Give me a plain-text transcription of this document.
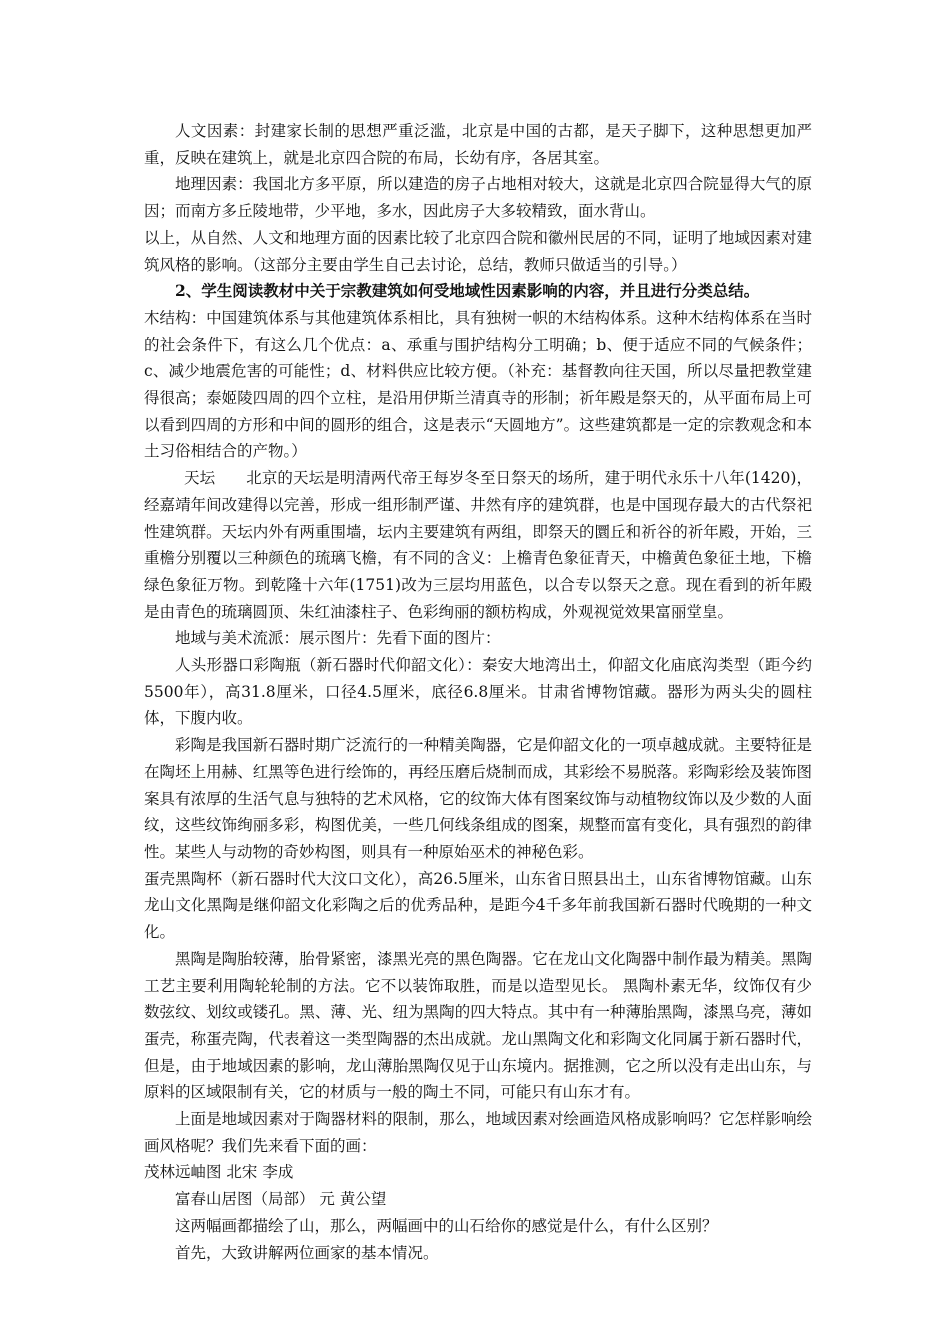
人文因素：封建家长制的思想严重泛滥，北京是中国的古都，是天子脚下，这种思想更加严重，反映在建筑上，就是北京四合院的布局，长幼有序，各居其室。

地理因素：我国北方多平原，所以建造的房子占地相对较大，这就是北京四合院显得大气的原因；而南方多丘陵地带，少平地，多水，因此房子大多较精致，面水背山。

以上，从自然、人文和地理方面的因素比较了北京四合院和徽州民居的不同，证明了地域因素对建筑风格的影响。（这部分主要由学生自己去讨论，总结，教师只做适当的引导。）

2、学生阅读教材中关于宗教建筑如何受地域性因素影响的内容，并且进行分类总结。

木结构：中国建筑体系与其他建筑体系相比，具有独树一帜的木结构体系。这种木结构体系在当时的社会条件下，有这么几个优点：a、承重与围护结构分工明确；b、便于适应不同的气候条件；c、减少地震危害的可能性；d、材料供应比较方便。（补充：基督教向往天国，所以尽量把教堂建得很高；泰姬陵四周的四个立柱，是沿用伊斯兰清真寺的形制；祈年殿是祭天的，从平面布局上可以看到四周的方形和中间的圆形的组合，这是表示“天圆地方”。这些建筑都是一定的宗教观念和本土习俗相结合的产物。）

天坛 北京的天坛是明清两代帝王每岁冬至日祭天的场所，建于明代永乐十八年(1420)，经嘉靖年间改建得以完善，形成一组形制严谨、井然有序的建筑群，也是中国现存最大的古代祭祀性建筑群。天坛内外有两重围墙，坛内主要建筑有两组，即祭天的圜丘和祈谷的祈年殿，开始，三重檐分别覆以三种颜色的琉璃飞檐，有不同的含义：上檐青色象征青天，中檐黄色象征土地，下檐绿色象征万物。到乾隆十六年(1751)改为三层均用蓝色，以合专以祭天之意。现在看到的祈年殿是由青色的琉璃圆顶、朱红油漆柱子、色彩绚丽的额枋构成，外观视觉效果富丽堂皇。

地域与美术流派：展示图片：先看下面的图片：

人头形器口彩陶瓶（新石器时代仰韶文化）：秦安大地湾出土，仰韶文化庙底沟类型（距今约5500年），高31.8厘米，口径4.5厘米，底径6.8厘米。甘肃省博物馆藏。器形为两头尖的圆柱体，下腹内收。

彩陶是我国新石器时期广泛流行的一种精美陶器，它是仰韶文化的一项卓越成就。主要特征是在陶坯上用赫、红黑等色进行绘饰的，再经压磨后烧制而成，其彩绘不易脱落。彩陶彩绘及装饰图案具有浓厚的生活气息与独特的艺术风格，它的纹饰大体有图案纹饰与动植物纹饰以及少数的人面纹，这些纹饰绚丽多彩，构图优美，一些几何线条组成的图案，规整而富有变化，具有强烈的韵律性。某些人与动物的奇妙构图，则具有一种原始巫术的神秘色彩。

蛋壳黑陶杯（新石器时代大汶口文化），高26.5厘米，山东省日照县出土，山东省博物馆藏。山东龙山文化黑陶是继仰韶文化彩陶之后的优秀品种，是距今4千多年前我国新石器时代晚期的一种文化。

黑陶是陶胎较薄，胎骨紧密，漆黑光亮的黑色陶器。它在龙山文化陶器中制作最为精美。黑陶工艺主要利用陶轮轮制的方法。它不以装饰取胜，而是以造型见长。 黑陶朴素无华，纹饰仅有少数弦纹、划纹或镂孔。黑、薄、光、纽为黑陶的四大特点。其中有一种薄胎黑陶，漆黑乌亮，薄如蛋壳，称蛋壳陶，代表着这一类型陶器的杰出成就。龙山黑陶文化和彩陶文化同属于新石器时代，但是，由于地域因素的影响，龙山薄胎黑陶仅见于山东境内。据推测，它之所以没有走出山东，与原料的区域限制有关，它的材质与一般的陶土不同，可能只有山东才有。

上面是地域因素对于陶器材料的限制，那么，地域因素对绘画造风格成影响吗？它怎样影响绘画风格呢？我们先来看下面的画：

茂林远岫图 北宋 李成

富春山居图（局部） 元 黄公望

这两幅画都描绘了山，那么，两幅画中的山石给你的感觉是什么，有什么区别？

首先，大致讲解两位画家的基本情况。
